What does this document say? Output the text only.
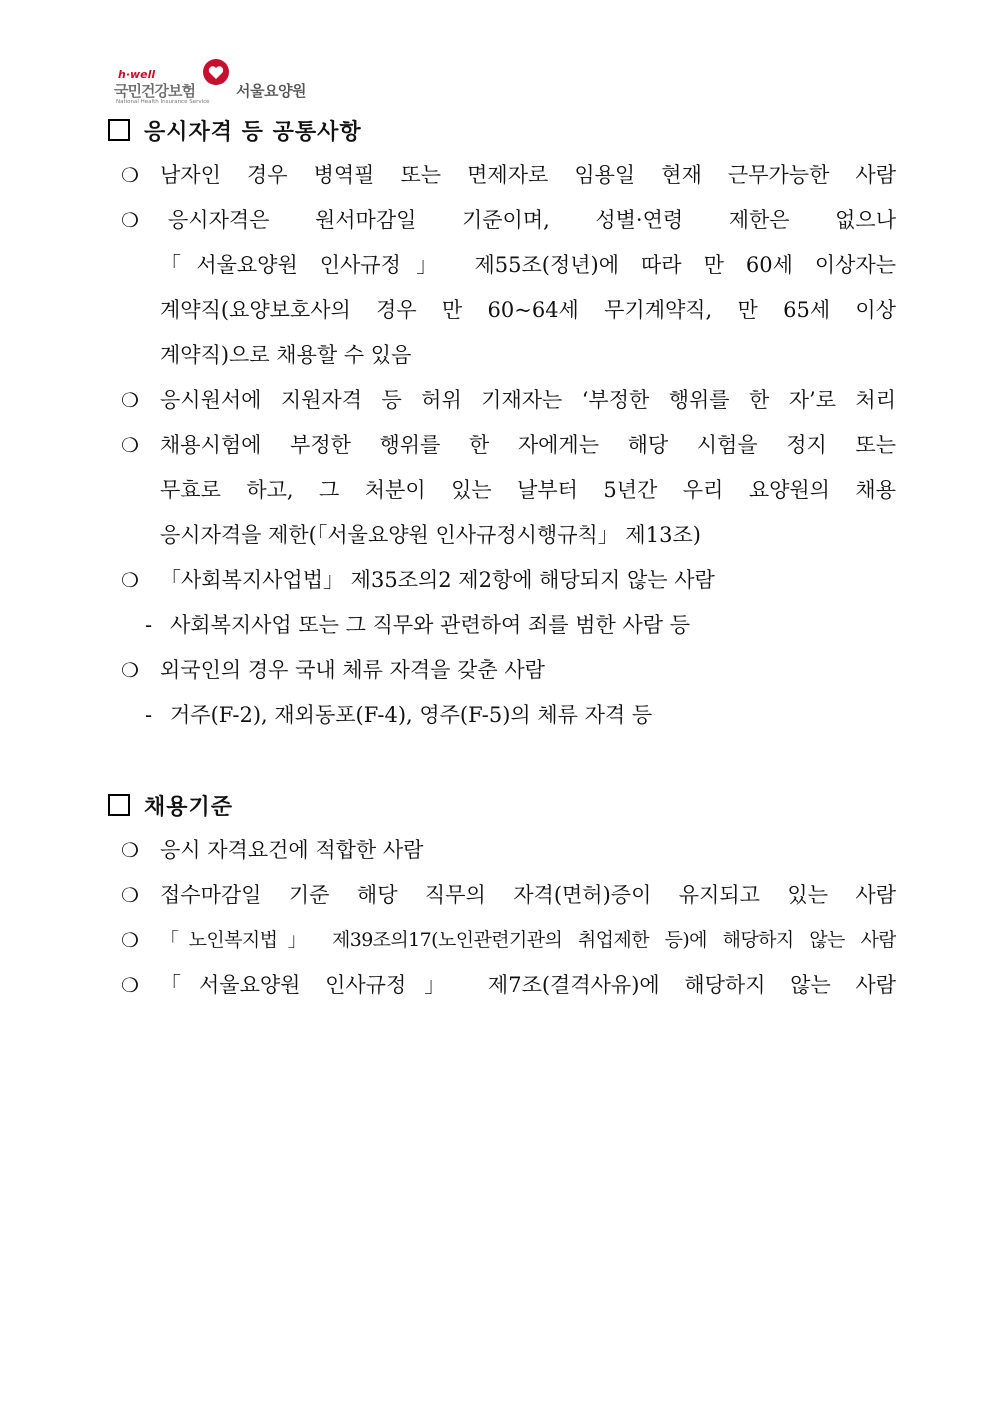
h·well
국민건강보험
National Health Insurance Service
서울요양원
응시자격 등 공통사항
❍ 남자인 경우 병역필 또는 면제자로 임용일 현재 근무가능한 사람
❍ 응시자격은 원서마감일 기준이며, 성별·연령 제한은 없으나
「서울요양원 인사규정」 제55조(정년)에 따라 만 60세 이상자는
계약직(요양보호사의 경우 만 60~64세 무기계약직, 만 65세 이상
계약직)으로 채용할 수 있음
❍ 응시원서에 지원자격 등 허위 기재자는 ‘부정한 행위를 한 자’로 처리
❍ 채용시험에 부정한 행위를 한 자에게는 해당 시험을 정지 또는
무효로 하고, 그 처분이 있는 날부터 5년간 우리 요양원의 채용
응시자격을 제한(「서울요양원 인사규정시행규칙」 제13조)
❍ 「사회복지사업법」 제35조의2 제2항에 해당되지 않는 사람
- 사회복지사업 또는 그 직무와 관련하여 죄를 범한 사람 등
❍ 외국인의 경우 국내 체류 자격을 갖춘 사람
- 거주(F-2), 재외동포(F-4), 영주(F-5)의 체류 자격 등
채용기준
❍ 응시 자격요건에 적합한 사람
❍ 접수마감일 기준 해당 직무의 자격(면허)증이 유지되고 있는 사람
❍ 「노인복지법」 제39조의17(노인관련기관의 취업제한 등)에 해당하지 않는 사람
❍ 「서울요양원 인사규정」 제7조(결격사유)에 해당하지 않는 사람
